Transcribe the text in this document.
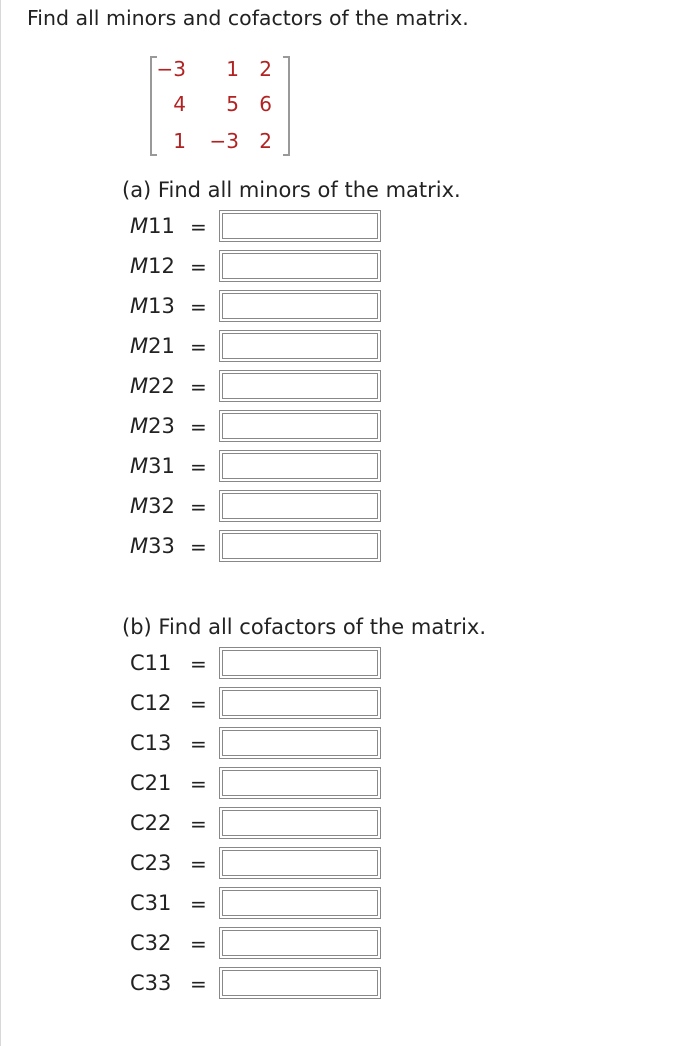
Find all minors and cofactors of the matrix.
−3	1	2
4	5	6
1 −3	2
(a) Find all minors of the matrix.
M11 =
M12 =
M13 =
M21 =
M22 =
M23 =
M31 =
M32 =
M33 =
(b) Find all cofactors of the matrix.
C11 =
C12 =
C13 =
C21 =
C22 =
C23 =
C31 =
C32 =
C33 =
